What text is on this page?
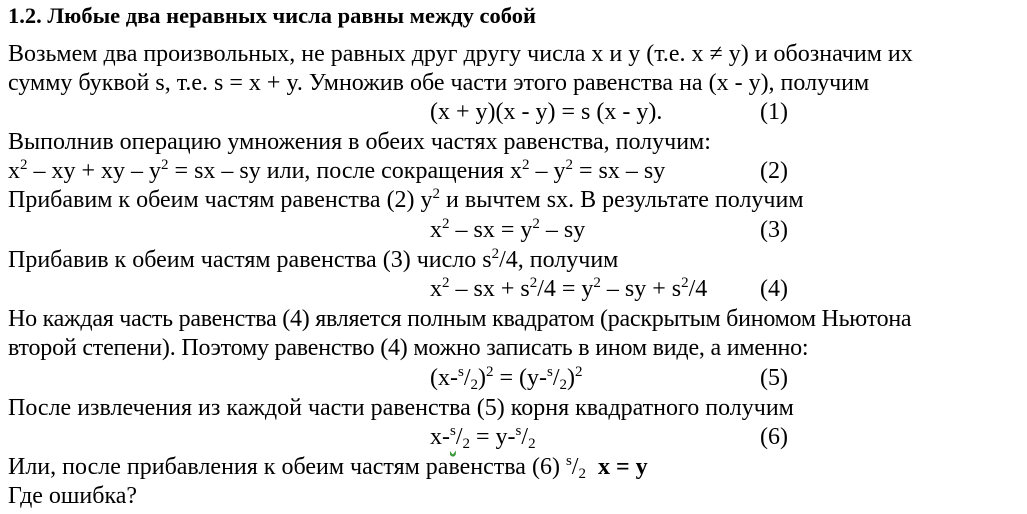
1.2. Любые два неравных числа равны между собой
Возьмем два произвольных, не равных друг другу числа x и y (т.е. x ≠ y) и обозначим их
сумму буквой s, т.е. s = x + y. Умножив обе части этого равенства на (x - y), получим
(x + y)(x - y) = s (x - y).	(1)
Выполнив операцию умножения в обеих частях равенства, получим:
$x^2$ – xy + xy – $y^2$ = sx – sy или, после сокращения $x^2 - y^2$ = sx – sy	(2)
Прибавим к обеим частям равенства (2) $y^2$ и вычтем sx. В результате получим
$x^2$ – sx = $y^2$ – sy	(3)
Прибавив к обеим частям равенства (3) число $s^2/4$, получим
$x^2$ – sx + $s^2/4 = y^2$ – sy + $s^2/4$ (4)
Но каждая часть равенства (4) является полным квадратом (раскрытым биномом Ньютона
второй степени). Поэтому равенство (4) можно записать в ином виде, а именно:
$(x-^s/_2)^2 = (y-^s/_2)^2$	(5)
После извлечения из каждой части равенства (5) корня квадратного получим
$x-^s/_2 = y-^s/_2$	(6)
Или, после прибавления к обеим частям равенства (6) $^s/_2$ x = y
Где ошибка?
